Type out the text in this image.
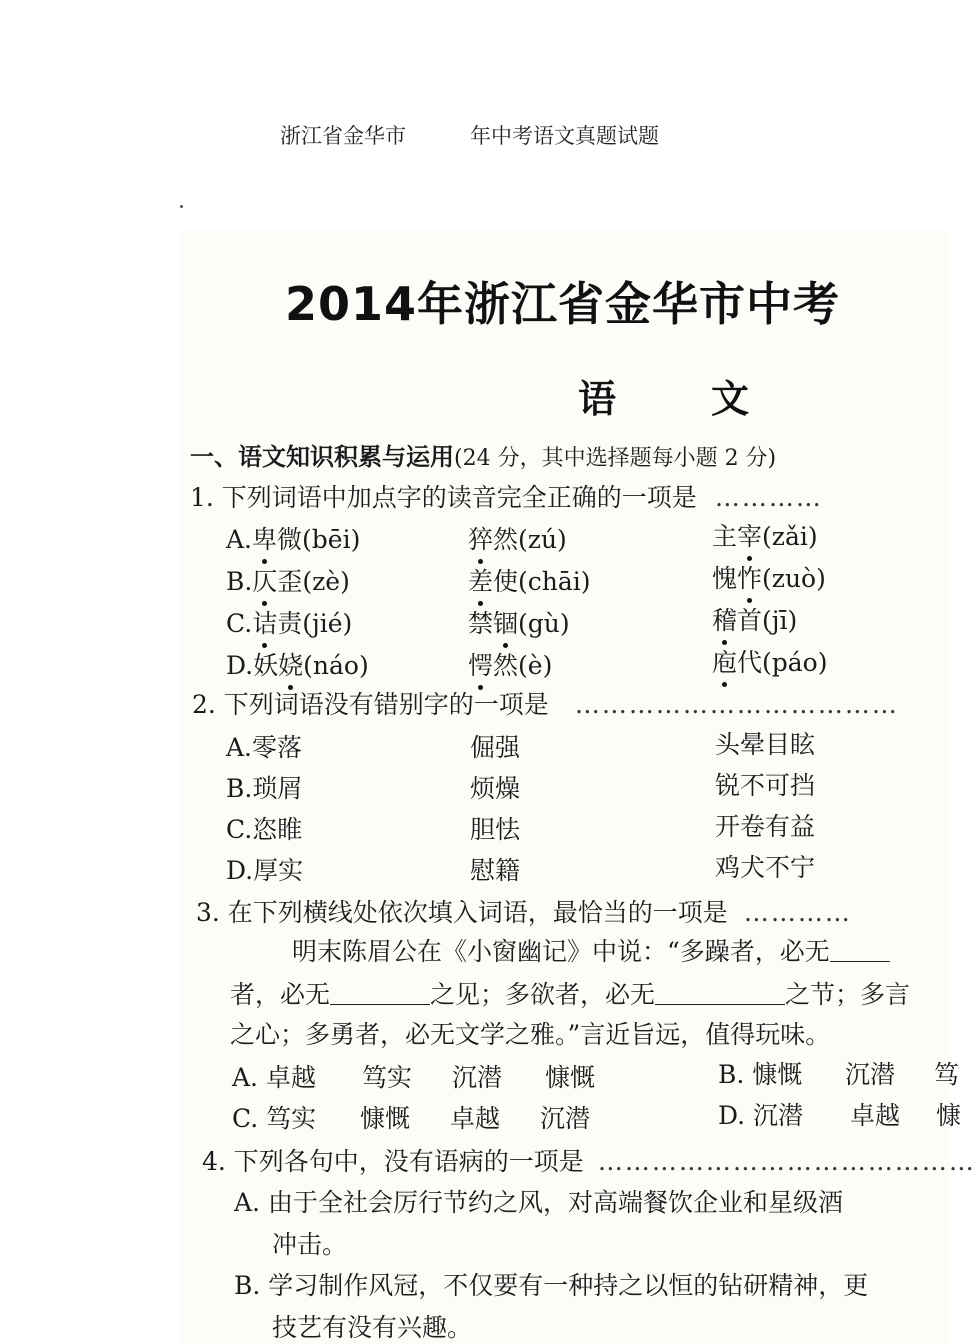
浙江省金华市	年中考语文真题试题
2014年浙江省金华市中考
语	文
一、语文知识积累与运用(24 分，其中选择题每小题 2 分)
1. 下列词语中加点字的读音完全正确的一项是 …………
A.卑微(bēi)	猝然(zú)	主宰(zǎi)
B.仄歪(zè)	差使(chāi)	愧怍(zuò)
C.诘责(jié)	禁锢(gù)	稽首(jī)
D.妖娆(náo)	愕然(è)	庖代(páo)
2. 下列词语没有错别字的一项是 ………………………………
A.零落	倔强	头晕目眩
B.琐屑	烦燥	锐不可挡
C.恣睢	胆怯	开卷有益
D.厚实	慰籍	鸡犬不宁
3. 在下列横线处依次填入词语，最恰当的一项是 …………
明末陈眉公在《小窗幽记》中说：“多躁者，必无
者，必无	之见；多欲者，必无	之节；多言
之心；多勇者，必无文学之雅。”言近旨远，值得玩味。
A. 卓越 笃实 沉潜 慷慨	B. 慷慨 沉潜 笃
C. 笃实 慷慨 卓越 沉潜	D. 沉潜 卓越 慷
4. 下列各句中，没有语病的一项是 ……………………………………
A. 由于全社会厉行节约之风，对高端餐饮企业和星级酒
冲击。
B. 学习制作风冠，不仅要有一种持之以恒的钻研精神，更
技艺有没有兴趣。
